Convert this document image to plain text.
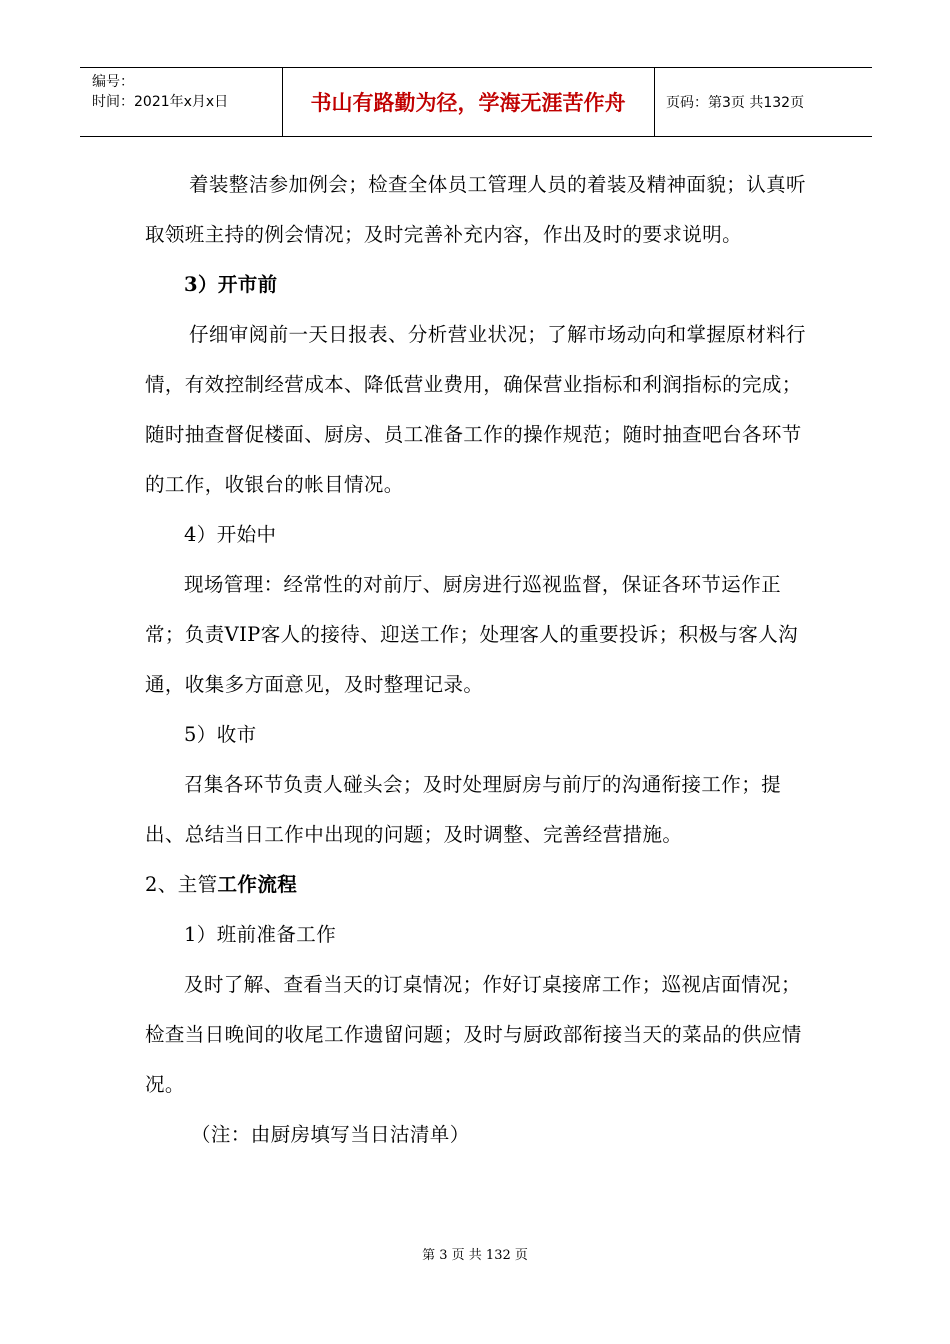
编号：
时间：2021年x月x日	书山有路勤为径，学海无涯苦作舟	页码：第3页 共132页

着装整洁参加例会；检查全体员工管理人员的着装及精神面貌；认真听取领班主持的例会情况；及时完善补充内容，作出及时的要求说明。

3）开市前

仔细审阅前一天日报表、分析营业状况；了解市场动向和掌握原材料行情，有效控制经营成本、降低营业费用，确保营业指标和利润指标的完成；随时抽查督促楼面、厨房、员工准备工作的操作规范；随时抽查吧台各环节的工作，收银台的帐目情况。

4）开始中

现场管理：经常性的对前厅、厨房进行巡视监督，保证各环节运作正常；负责VIP客人的接待、迎送工作；处理客人的重要投诉；积极与客人沟通，收集多方面意见，及时整理记录。

5）收市

召集各环节负责人碰头会；及时处理厨房与前厅的沟通衔接工作；提出、总结当日工作中出现的问题；及时调整、完善经营措施。

2、主管工作流程

1）班前准备工作

及时了解、查看当天的订桌情况；作好订桌接席工作；巡视店面情况；检查当日晚间的收尾工作遗留问题；及时与厨政部衔接当天的菜品的供应情况。

（注：由厨房填写当日沽清单）

第 3 页 共 132 页
